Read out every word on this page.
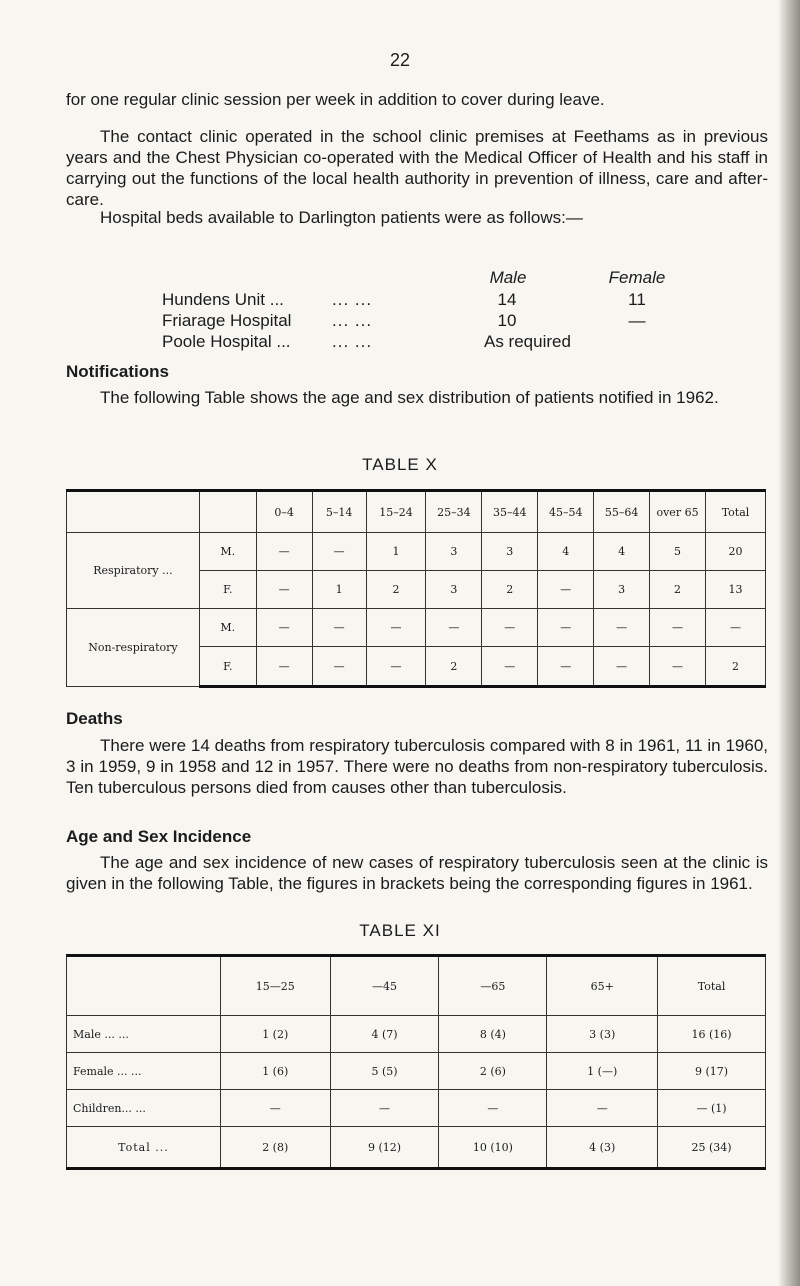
22
for one regular clinic session per week in addition to cover during leave.
The contact clinic operated in the school clinic premises at Feethams as in previous years and the Chest Physician co-operated with the Medical Officer of Health and his staff in carrying out the functions of the local health authority in prevention of illness, care and after-care.
Hospital beds available to Darlington patients were as follows:—
Male	Female
Hundens Unit ...	... ...	14	11
Friarage Hospital ... ...	10	—
Poole Hospital ... ... ...	As required
Notifications
The following Table shows the age and sex distribution of patients notified in 1962.
TABLE X
		0–4	5–14	15–24	25–34	35–44	45–54	55–64	over 65	Total
Respiratory ...	M.	—	—	1	3	3	4	4	5	20
	F.	—	1	2	3	2	—	3	2	13
Non-respiratory	M.	—	—	—	—	—	—	—	—	—
	F.	—	—	—	2	—	—	—	—	2
Deaths
There were 14 deaths from respiratory tuberculosis compared with 8 in 1961, 11 in 1960, 3 in 1959, 9 in 1958 and 12 in 1957. There were no deaths from non-respiratory tuberculosis. Ten tuberculous persons died from causes other than tuberculosis.
Age and Sex Incidence
The age and sex incidence of new cases of respiratory tuberculosis seen at the clinic is given in the following Table, the figures in brackets being the corresponding figures in 1961.
TABLE XI
	15—25	—45	—65	65+	Total
Male ... ...	1 (2)	4 (7)	8 (4)	3 (3)	16 (16)
Female ... ...	1 (6)	5 (5)	2 (6)	1 (—)	9 (17)
Children... ...	—	—	—	—	— (1)
Total ...	2 (8)	9 (12)	10 (10)	4 (3)	25 (34)
